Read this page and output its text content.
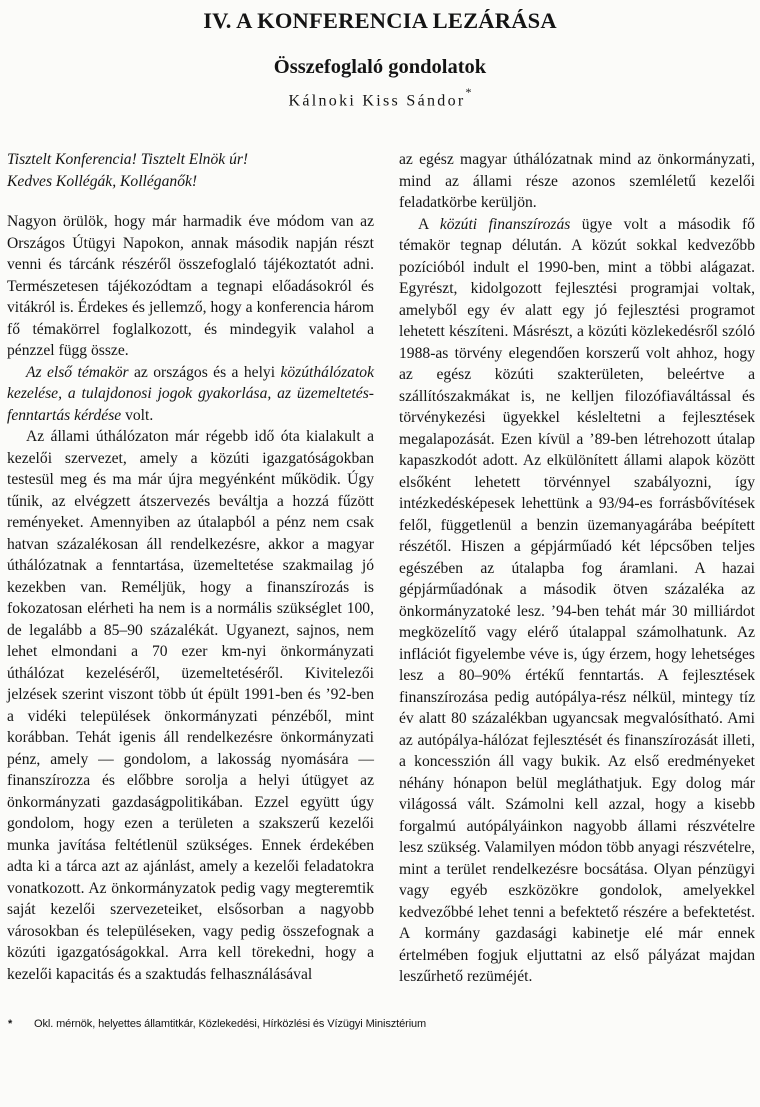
IV. A KONFERENCIA LEZÁRÁSA
Összefoglaló gondolatok
Kálnoki Kiss Sándor*

Tisztelt Konferencia! Tisztelt Elnök úr!
Kedves Kollégák, Kolléganők!

Nagyon örülök, hogy már harmadik éve módom van az Országos Útügyi Napokon, annak második napján részt venni és tárcánk részéről összefoglaló tájékoztatót adni. Természetesen tájékozódtam a tegnapi előadásokról és vitákról is. Érdekes és jellemző, hogy a konferencia három fő témakörrel foglalkozott, és mindegyik valahol a pénzzel függ össze.

Az első témakör az országos és a helyi közúthálózatok kezelése, a tulajdonosi jogok gyakorlása, az üzemeltetés-fenntartás kérdése volt.

Az állami úthálózaton már régebb idő óta kialakult a kezelői szervezet, amely a közúti igazgatóságokban testesül meg és ma már újra megyénként működik. Úgy tűnik, az elvégzett átszervezés beváltja a hozzá fűzött reményeket. Amennyiben az útalapból a pénz nem csak hatvan százalékosan áll rendelkezésre, akkor a magyar úthálózatnak a fenntartása, üzemeltetése szakmailag jó kezekben van. Reméljük, hogy a finanszírozás is fokozatosan elérheti ha nem is a normális szükséglet 100, de legalább a 85–90 százalékát. Ugyanezt, sajnos, nem lehet elmondani a 70 ezer km-nyi önkormányzati úthálózat kezeléséről, üzemeltetéséről. Kivitelezői jelzések szerint viszont több út épült 1991-ben és ’92-ben a vidéki települések önkormányzati pénzéből, mint korábban. Tehát igenis áll rendelkezésre önkormányzati pénz, amely — gondolom, a lakosság nyomására — finanszírozza és előbbre sorolja a helyi útügyet az önkormányzati gazdaságpolitikában. Ezzel együtt úgy gondolom, hogy ezen a területen a szakszerű kezelői munka javítása feltétlenül szükséges. Ennek érdekében adta ki a tárca azt az ajánlást, amely a kezelői feladatokra vonatkozott. Az önkormányzatok pedig vagy megteremtik saját kezelői szervezeteiket, elsősorban a nagyobb városokban és településeken, vagy pedig összefognak a közúti igazgatóságokkal. Arra kell törekedni, hogy a kezelői kapacitás és a szaktudás felhasználásával

az egész magyar úthálózatnak mind az önkormányzati, mind az állami része azonos szemléletű kezelői feladatkörbe kerüljön.

A közúti finanszírozás ügye volt a második fő témakör tegnap délután. A közút sokkal kedvezőbb pozícióból indult el 1990-ben, mint a többi alágazat. Egyrészt, kidolgozott fejlesztési programjai voltak, amelyből egy év alatt egy jó fejlesztési programot lehetett készíteni. Másrészt, a közúti közlekedésről szóló 1988-as törvény elegendően korszerű volt ahhoz, hogy az egész közúti szakterületen, beleértve a szállítószakmákat is, ne kelljen filozófiaváltással és törvénykezési ügyekkel késleltetni a fejlesztések megalapozását. Ezen kívül a ’89-ben létrehozott útalap kapaszkodót adott. Az elkülönített állami alapok között elsőként lehetett törvénnyel szabályozni, így intézkedésképesek lehettünk a 93/94-es forrásbővítések felől, függetlenül a benzin üzemanyagárába beépített részétől. Hiszen a gépjárműadó két lépcsőben teljes egészében az útalapba fog áramlani. A hazai gépjárműadónak a második ötven százaléka az önkormányzatoké lesz. ’94-ben tehát már 30 milliárdot megközelítő vagy elérő útalappal számolhatunk. Az inflációt figyelembe véve is, úgy érzem, hogy lehetséges lesz a 80–90% értékű fenntartás. A fejlesztések finanszírozása pedig autópálya-rész nélkül, mintegy tíz év alatt 80 százalékban ugyancsak megvalósítható. Ami az autópálya-hálózat fejlesztését és finanszírozását illeti, a koncesszión áll vagy bukik. Az első eredményeket néhány hónapon belül megláthatjuk. Egy dolog már világossá vált. Számolni kell azzal, hogy a kisebb forgalmú autópályáinkon nagyobb állami részvételre lesz szükség. Valamilyen módon több anyagi részvételre, mint a terület rendelkezésre bocsátása. Olyan pénzügyi vagy egyéb eszközökre gondolok, amelyekkel kedvezőbbé lehet tenni a befektető részére a befektetést. A kormány gazdasági kabinetje elé már ennek értelmében fogjuk eljuttatni az első pályázat majdan leszűrhető rezüméjét.

* Okl. mérnök, helyettes államtitkár, Közlekedési, Hírközlési és Vízügyi Minisztérium
